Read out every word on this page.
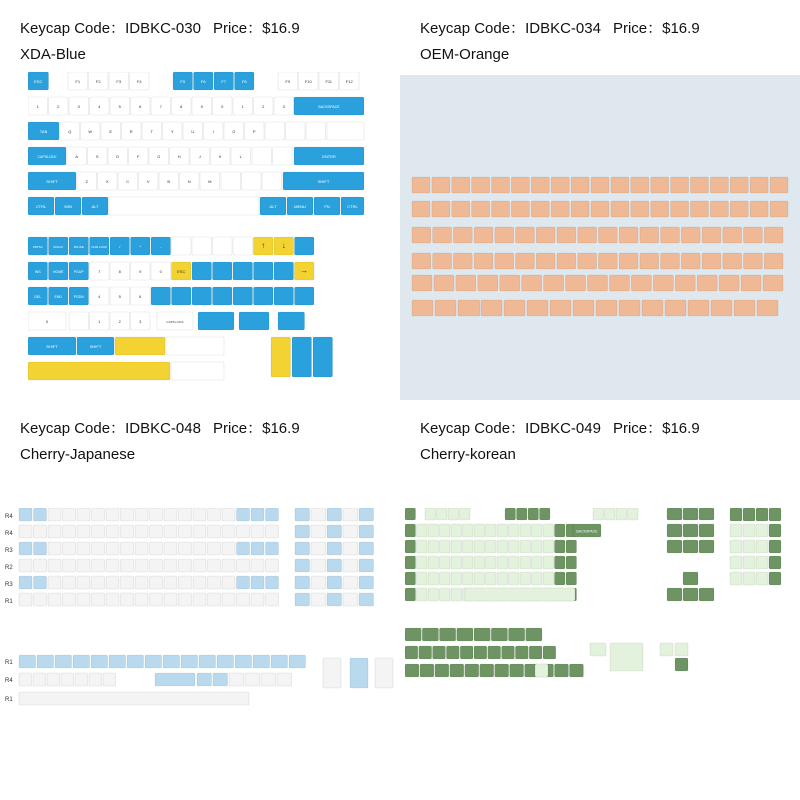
Keycap Code：IDBKC-030 Price：$16.9
XDA-Blue
ESC	F1	F2	F3	F4	F5	F6	F7	F8	F9	F10	F11	F12
1	2	3	4	5	6	7	8	9	0	1	2	3	BACKSPACE
TAB	Q	W	E	R	T	Y	U	I	O	P
CAPSLOCK	A	S	D	F	G	H	J	K	L	ENTER
SHIFT	Z	X	C	V	B	N	M	SHIFT
CTRL	WIN	ALT	ALT	MENU	FN	CTRL
PRTSC	SCRLK	PAUSE	NUM LOCK	/	*	-	↑ ↓
INS	HOME	PGUP	7	8	9	0	ESC	→
DEL	END	PGDN	4	5	6
0	1	2	3	CAPS LOCK
SHIFT	SHIFT
Keycap Code：IDBKC-034 Price：$16.9
OEM-Orange
Keycap Code：IDBKC-048 Price：$16.9
Cherry-Japanese
R4
R4
R3
R2
R3
R1
R1
R4
R1
Keycap Code：IDBKC-049 Price：$16.9
Cherry-korean
BACKSPACE
